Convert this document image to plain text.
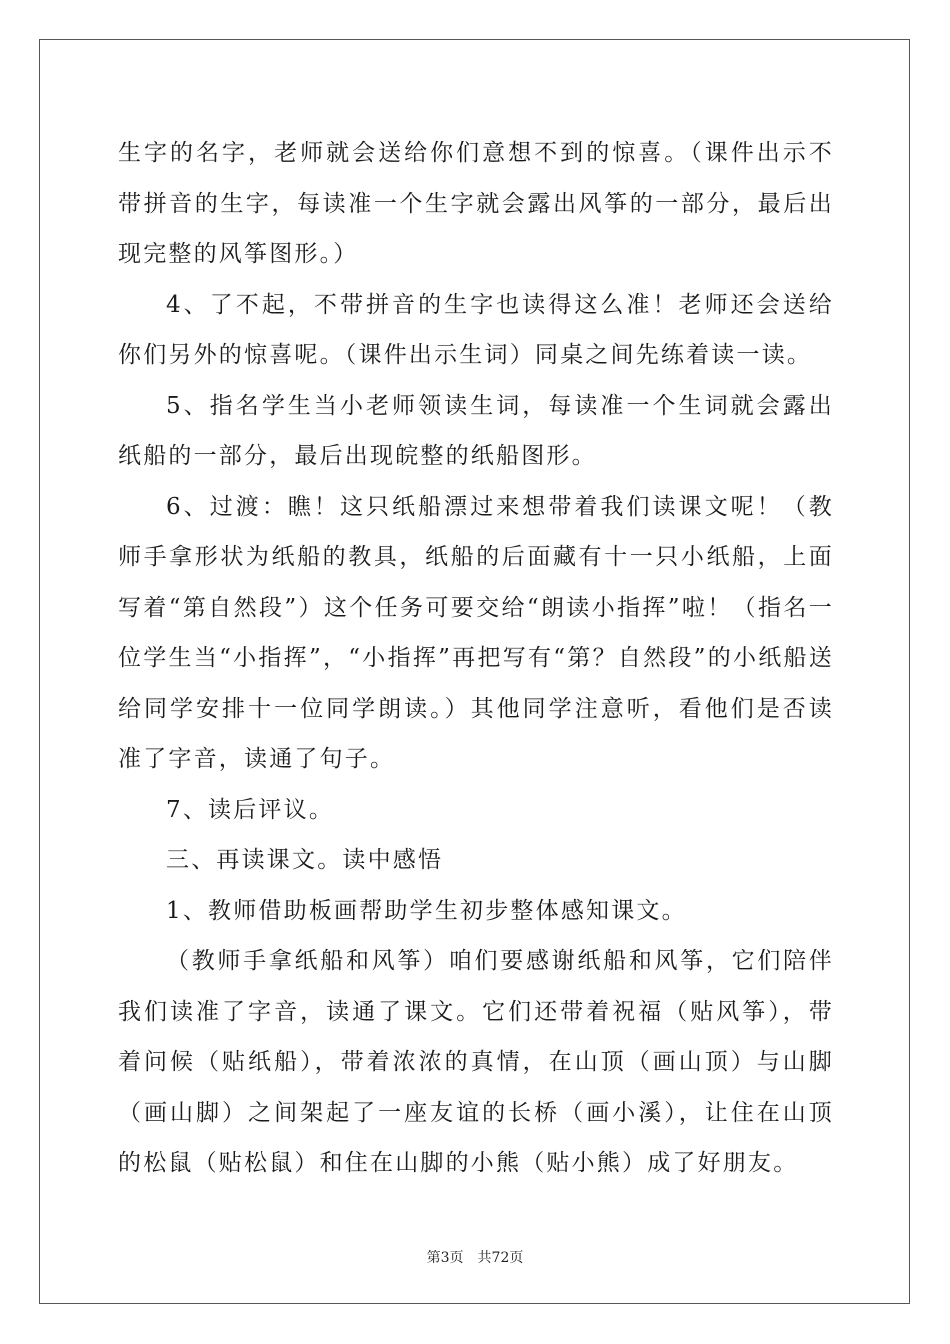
生字的名字，老师就会送给你们意想不到的惊喜。（课件出示不带拼音的生字，每读准一个生字就会露出风筝的一部分，最后出现完整的风筝图形。）

4、了不起，不带拼音的生字也读得这么准！老师还会送给你们另外的惊喜呢。（课件出示生词）同桌之间先练着读一读。

5、指名学生当小老师领读生词，每读准一个生词就会露出纸船的一部分，最后出现皖整的纸船图形。

6、过渡：瞧！这只纸船漂过来想带着我们读课文呢！（教师手拿形状为纸船的教具，纸船的后面藏有十一只小纸船，上面写着“第自然段”）这个任务可要交给“朗读小指挥”啦！（指名一位学生当“小指挥”，“小指挥”再把写有“第？自然段”的小纸船送给同学安排十一位同学朗读。）其他同学注意听，看他们是否读准了字音，读通了句子。

7、读后评议。

三、再读课文。读中感悟

1、教师借助板画帮助学生初步整体感知课文。

（教师手拿纸船和风筝）咱们要感谢纸船和风筝，它们陪伴我们读准了字音，读通了课文。它们还带着祝福（贴风筝），带着问候（贴纸船），带着浓浓的真情，在山顶（画山顶）与山脚（画山脚）之间架起了一座友谊的长桥（画小溪），让住在山顶的松鼠（贴松鼠）和住在山脚的小熊（贴小熊）成了好朋友。

第3页 共72页
